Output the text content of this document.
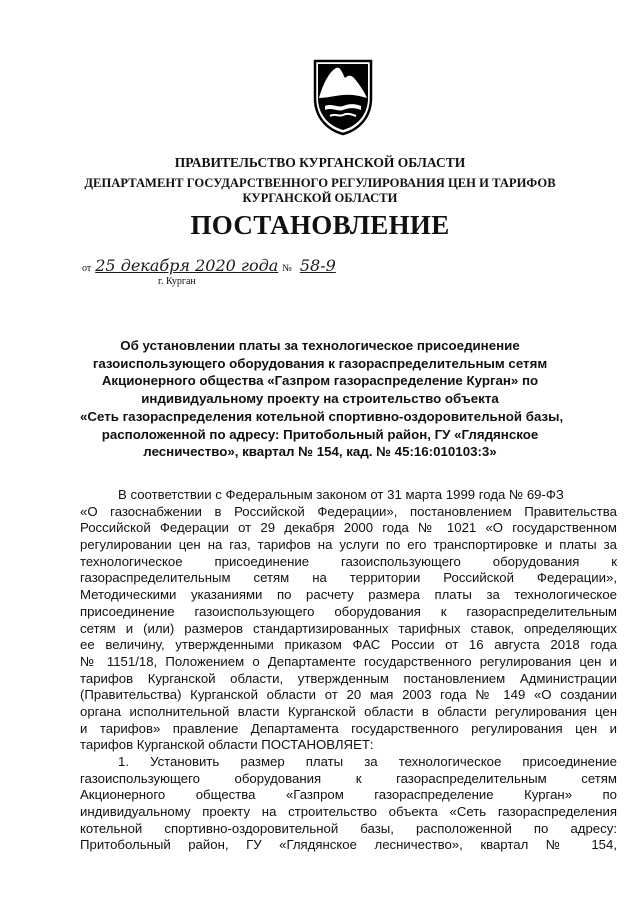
ПРАВИТЕЛЬСТВО КУРГАНСКОЙ ОБЛАСТИ
ДЕПАРТАМЕНТ ГОСУДАРСТВЕННОГО РЕГУЛИРОВАНИЯ ЦЕН И ТАРИФОВ
КУРГАНСКОЙ ОБЛАСТИ
ПОСТАНОВЛЕНИЕ
от 25 декабря 2020 года № 58-9
г. Курган
Об установлении платы за технологическое присоединение
газоиспользующего оборудования к газораспределительным сетям
Акционерного общества «Газпром газораспределение Курган» по
индивидуальному проекту на строительство объекта
«Сеть газораспределения котельной спортивно-оздоровительной базы,
расположенной по адресу: Притобольный район, ГУ «Глядянское
лесничество», квартал № 154, кад. № 45:16:010103:3»
В соответствии с Федеральным законом от 31 марта 1999 года № 69-ФЗ
«О газоснабжении в Российской Федерации», постановлением Правительства
Российской Федерации от 29 декабря 2000 года № 1021 «О государственном
регулировании цен на газ, тарифов на услуги по его транспортировке и платы за
технологическое присоединение газоиспользующего оборудования к
газораспределительным сетям на территории Российской Федерации»,
Методическими указаниями по расчету размера платы за технологическое
присоединение газоиспользующего оборудования к газораспределительным
сетям и (или) размеров стандартизированных тарифных ставок, определяющих
ее величину, утвержденными приказом ФАС России от 16 августа 2018 года
№ 1151/18, Положением о Департаменте государственного регулирования цен и
тарифов Курганской области, утвержденным постановлением Администрации
(Правительства) Курганской области от 20 мая 2003 года № 149 «О создании
органа исполнительной власти Курганской области в области регулирования цен
и тарифов» правление Департамента государственного регулирования цен и
тарифов Курганской области ПОСТАНОВЛЯЕТ:
1. Установить размер платы за технологическое присоединение
газоиспользующего оборудования к газораспределительным сетям
Акционерного общества «Газпром газораспределение Курган» по
индивидуальному проекту на строительство объекта «Сеть газораспределения
котельной спортивно-оздоровительной базы, расположенной по адресу:
Притобольный район, ГУ «Глядянское лесничество», квартал № 154,
